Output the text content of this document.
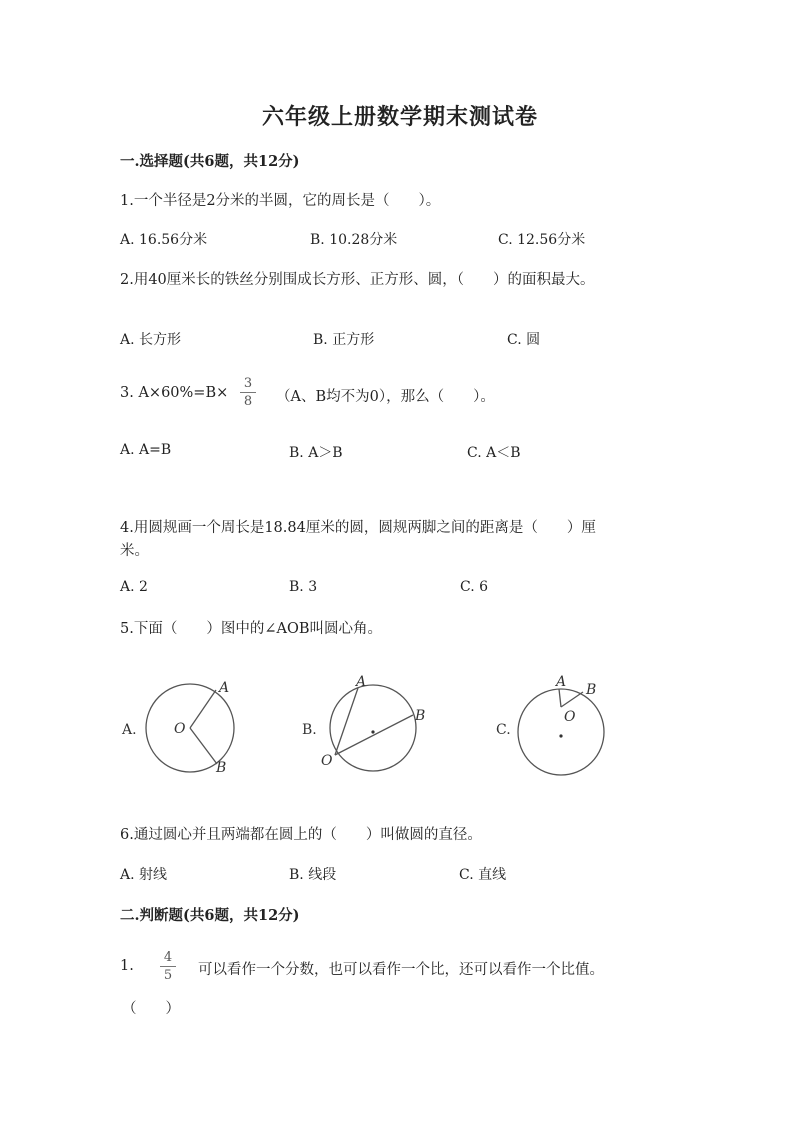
六年级上册数学期末测试卷
一.选择题(共6题，共12分)
1.一个半径是2分米的半圆，它的周长是（　　）。
A. 16.56分米	B. 10.28分米	C. 12.56分米
2.用40厘米长的铁丝分别围成长方形、正方形、圆，（　　）的面积最大。
A. 长方形	B. 正方形	C. 圆
3. A×60%=B×
3
8 （A、B均不为0），那么（　　）。
A. A=B	B. A＞B	C. A＜B
4.用圆规画一个周长是18.84厘米的圆，圆规两脚之间的距离是（　　）厘
米。
A. 2	B. 3	C. 6
5.下面（　　）图中的∠AOB叫圆心角。
A.
A
O
B
B.
A
B
O
C.
A B
O
6.通过圆心并且两端都在圆上的（　　）叫做圆的直径。
A. 射线	B. 线段	C. 直线
二.判断题(共6题，共12分)
1.
4
5 可以看作一个分数，也可以看作一个比，还可以看作一个比值。
（　　）
